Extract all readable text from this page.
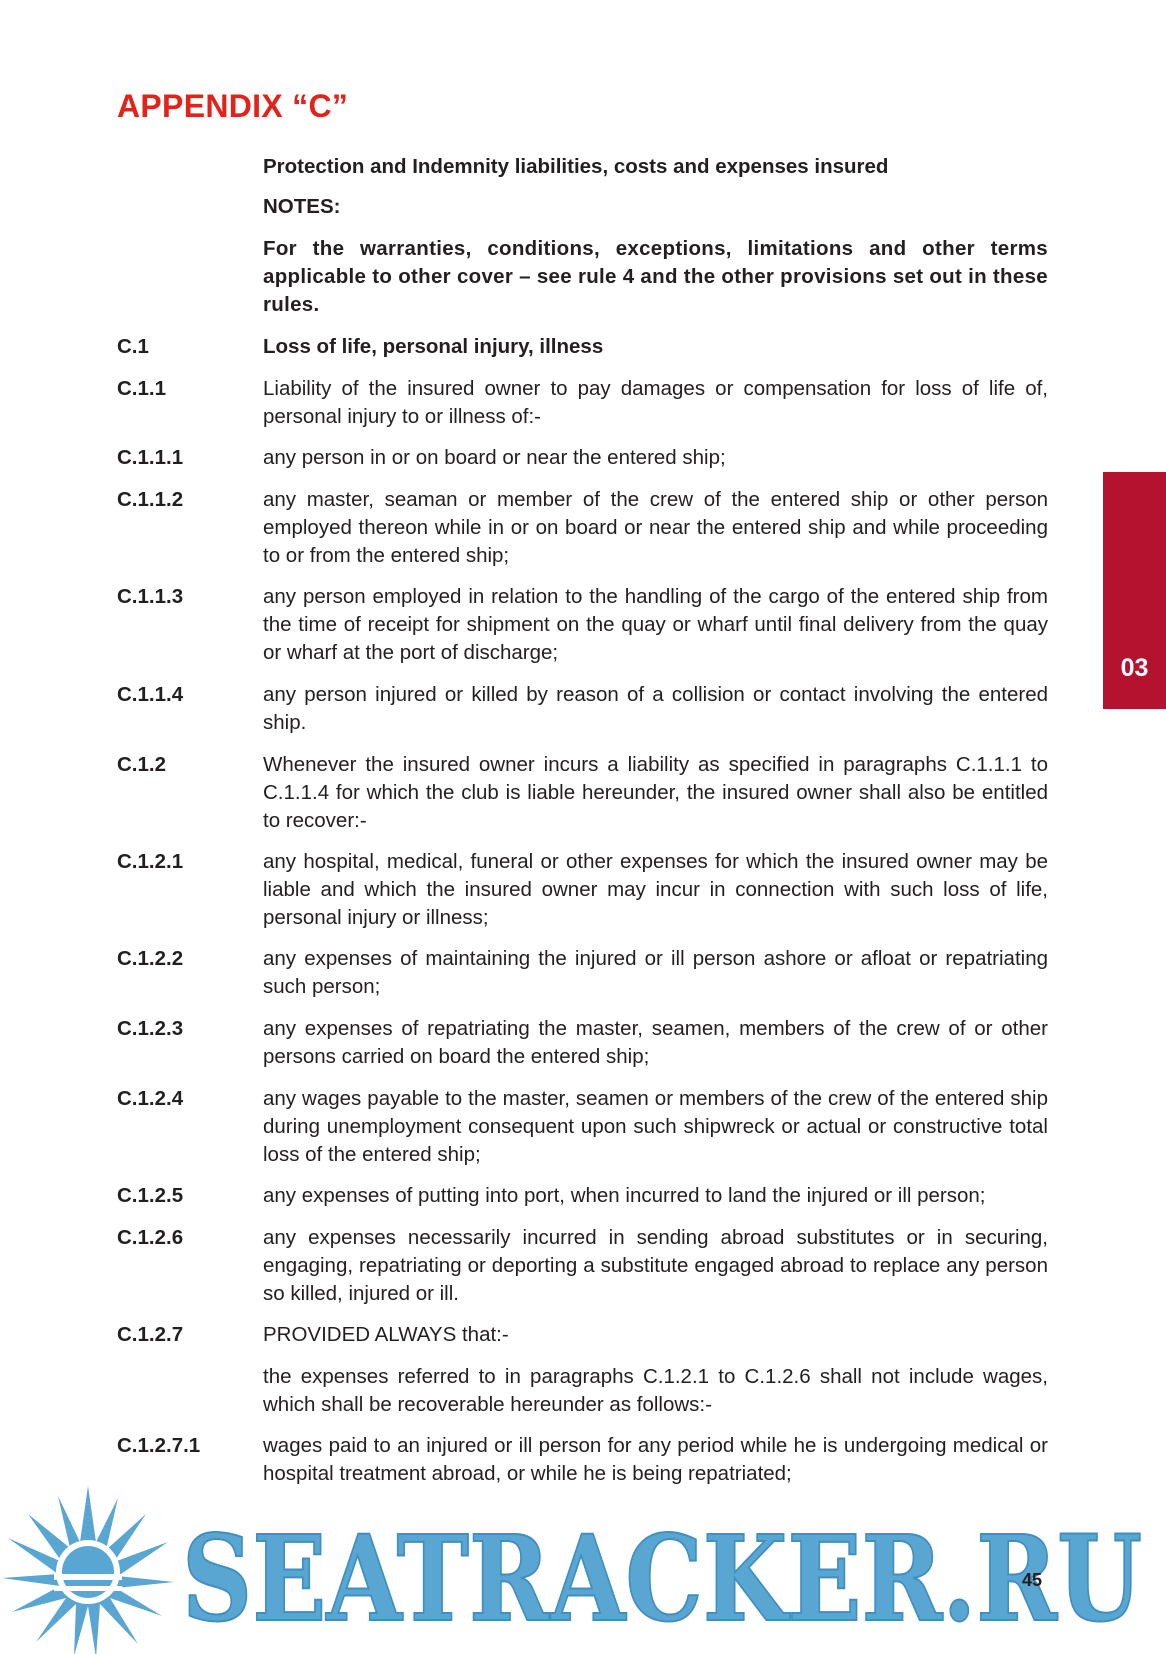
APPENDIX “C”
03
Protection and Indemnity liabilities, costs and expenses insured
NOTES:
For the warranties, conditions, exceptions, limitations and other terms applicable to other cover – see rule 4 and the other provisions set out in these rules.
C.1	Loss of life, personal injury, illness
C.1.1	Liability of the insured owner to pay damages or compensation for loss of life of, personal injury to or illness of:-
C.1.1.1	any person in or on board or near the entered ship;
C.1.1.2	any master, seaman or member of the crew of the entered ship or other person employed thereon while in or on board or near the entered ship and while proceeding to or from the entered ship;
C.1.1.3	any person employed in relation to the handling of the cargo of the entered ship from the time of receipt for shipment on the quay or wharf until final delivery from the quay or wharf at the port of discharge;
C.1.1.4	any person injured or killed by reason of a collision or contact involving the entered ship.
C.1.2	Whenever the insured owner incurs a liability as specified in paragraphs C.1.1.1 to C.1.1.4 for which the club is liable hereunder, the insured owner shall also be entitled to recover:-
C.1.2.1	any hospital, medical, funeral or other expenses for which the insured owner may be liable and which the insured owner may incur in connection with such loss of life, personal injury or illness;
C.1.2.2	any expenses of maintaining the injured or ill person ashore or afloat or repatriating such person;
C.1.2.3	any expenses of repatriating the master, seamen, members of the crew of or other persons carried on board the entered ship;
C.1.2.4	any wages payable to the master, seamen or members of the crew of the entered ship during unemployment consequent upon such shipwreck or actual or constructive total loss of the entered ship;
C.1.2.5	any expenses of putting into port, when incurred to land the injured or ill person;
C.1.2.6	any expenses necessarily incurred in sending abroad substitutes or in securing, engaging, repatriating or deporting a substitute engaged abroad to replace any person so killed, injured or ill.
C.1.2.7	PROVIDED ALWAYS that:-
the expenses referred to in paragraphs C.1.2.1 to C.1.2.6 shall not include wages, which shall be recoverable hereunder as follows:-
C.1.2.7.1	wages paid to an injured or ill person for any period while he is undergoing medical or hospital treatment abroad, or while he is being repatriated;
SEATRACKER.RU
45
